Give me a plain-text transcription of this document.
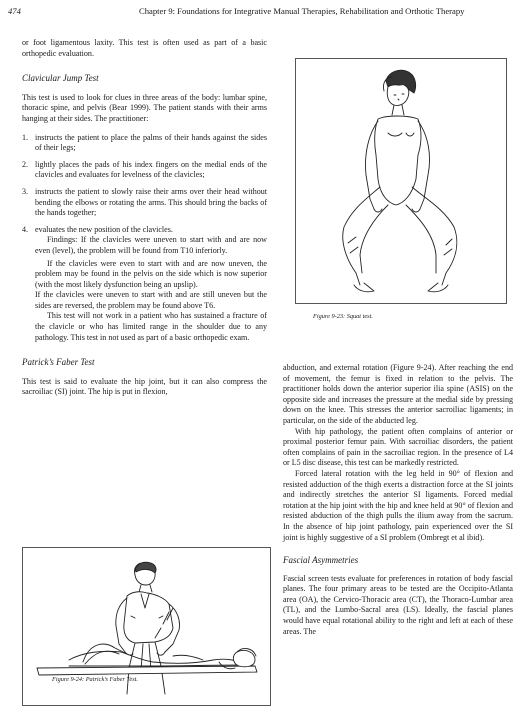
474	Chapter 9: Foundations for Integrative Manual Therapies, Rehabilitation and Orthotic Therapy

or foot ligamentous laxity. This test is often used as part of a basic orthopedic evaluation.

Clavicular Jump Test

This test is used to look for clues in three areas of the body: lumbar spine, thoracic spine, and pelvis (Bear 1999). The patient stands with their arms hanging at their sides. The practitioner:

1. instructs the patient to place the palms of their hands against the sides of their legs;
2. lightly places the pads of his index fingers on the medial ends of the clavicles and evaluates for levelness of the clavicles;
3. instructs the patient to slowly raise their arms over their head without bending the elbows or rotating the arms. This should bring the backs of the hands together;
4. evaluates the new position of the clavicles.

Findings: If the clavicles were uneven to start with and are now even (level), the problem will be found from T10 inferiorly.

If the clavicles were even to start with and are now uneven, the problem may be found in the pelvis on the side which is now superior (with the most likely dysfunction being an upslip).

If the clavicles were uneven to start with and are still uneven but the sides are reversed, the problem may be found above T6.

This test will not work in a patient who has sustained a fracture of the clavicle or who has limited range in the shoulder due to any pathology. This test in not used as part of a basic orthopedic exam.

Patrick’s Faber Test

This test is said to evaluate the hip joint, but it can also compress the sacroiliac (SI) joint. The hip is put in flexion,

Figure 9-24: Patrick’s Faber Test.
Figure 9-23: Squat test.

abduction, and external rotation (Figure 9-24). After reaching the end of movement, the femur is fixed in relation to the pelvis. The practitioner holds down the anterior superior ilia spine (ASIS) on the opposite side and increases the pressure at the medial side by pressing down on the knee. This stresses the anterior sacroiliac ligaments; in particular, on the side of the abducted leg.

With hip pathology, the patient often complains of anterior or proximal posterior femur pain. With sacroiliac disorders, the patient often complains of pain in the sacroiliac region. In the presence of L4 or L5 disc disease, this test can be markedly restricted.

Forced lateral rotation with the leg held in 90° of flexion and resisted adduction of the thigh exerts a distraction force at the SI joints and indirectly stretches the anterior SI ligaments. Forced medial rotation at the hip joint with the hip and knee held at 90° of flexion and resisted abduction of the thigh pulls the ilium away from the sacrum. In the absence of hip joint pathology, pain experienced over the SI joint is highly suggestive of a SI problem (Ombregt et al ibid).

Fascial Asymmetries

Fascial screen tests evaluate for preferences in rotation of body fascial planes. The four primary areas to be tested are the Occipito-Atlanta area (OA), the Cervico-Thoracic area (CT), the Thoraco-Lumbar area (TL), and the Lumbo-Sacral area (LS). Ideally, the fascial planes would have equal rotational ability to the right and left at each of these areas. The
